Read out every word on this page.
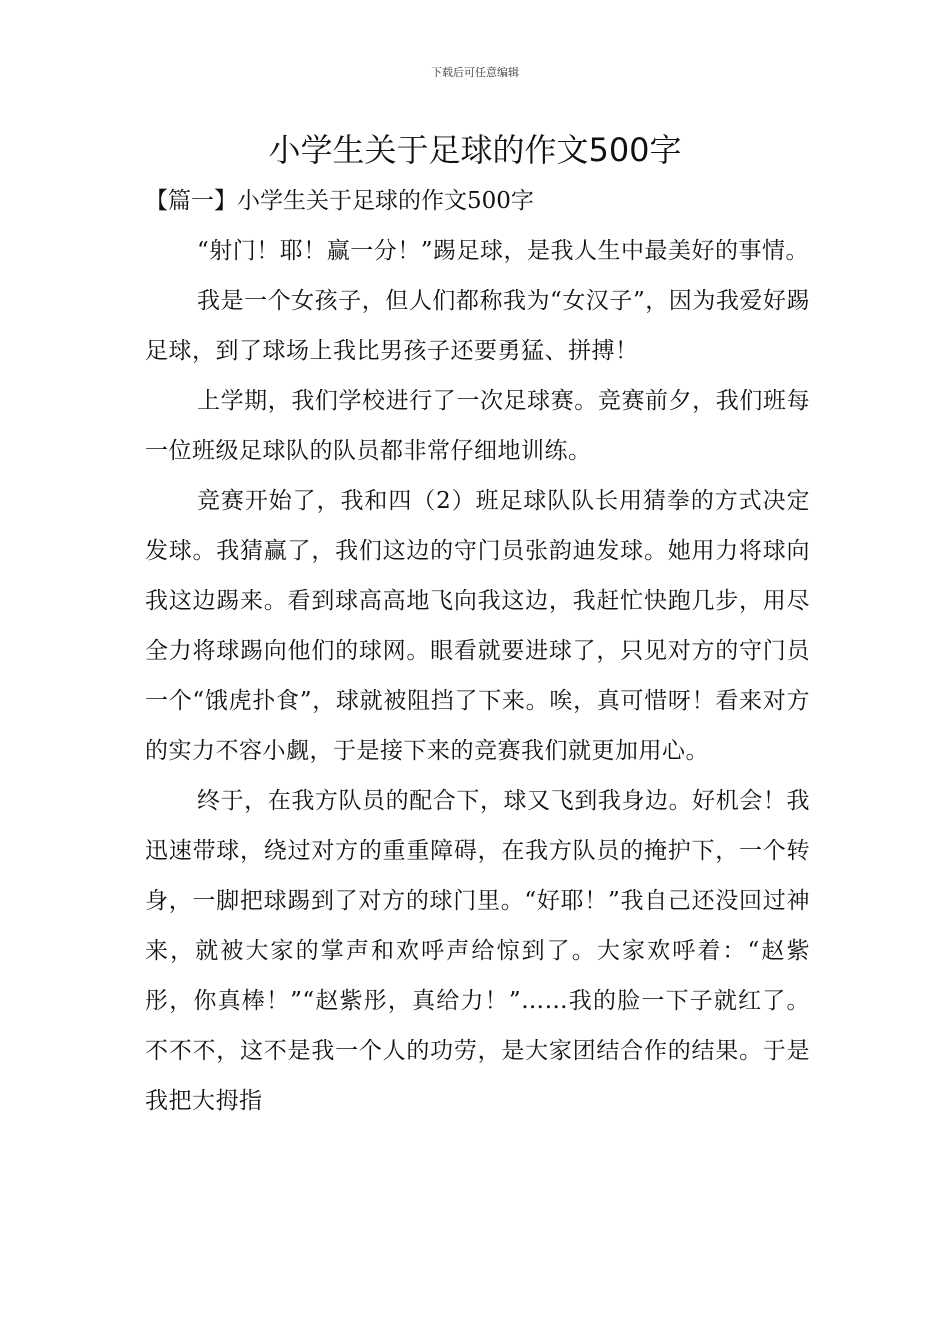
下载后可任意编辑
小学生关于足球的作文500字

【篇一】小学生关于足球的作文500字

“射门！耶！赢一分！”踢足球，是我人生中最美好的事情。

我是一个女孩子，但人们都称我为“女汉子”，因为我爱好踢足球，到了球场上我比男孩子还要勇猛、拼搏！

上学期，我们学校进行了一次足球赛。竞赛前夕，我们班每一位班级足球队的队员都非常仔细地训练。

竞赛开始了，我和四（2）班足球队队长用猜拳的方式决定发球。我猜赢了，我们这边的守门员张韵迪发球。她用力将球向我这边踢来。看到球高高地飞向我这边，我赶忙快跑几步，用尽全力将球踢向他们的球网。眼看就要进球了，只见对方的守门员一个“饿虎扑食”，球就被阻挡了下来。唉，真可惜呀！看来对方的实力不容小觑，于是接下来的竞赛我们就更加用心。

终于，在我方队员的配合下，球又飞到我身边。好机会！我迅速带球，绕过对方的重重障碍，在我方队员的掩护下，一个转身，一脚把球踢到了对方的球门里。“好耶！”我自己还没回过神来，就被大家的掌声和欢呼声给惊到了。大家欢呼着：“赵紫彤，你真棒！”“赵紫彤，真给力！”……我的脸一下子就红了。不不不，这不是我一个人的功劳，是大家团结合作的结果。于是我把大拇指
